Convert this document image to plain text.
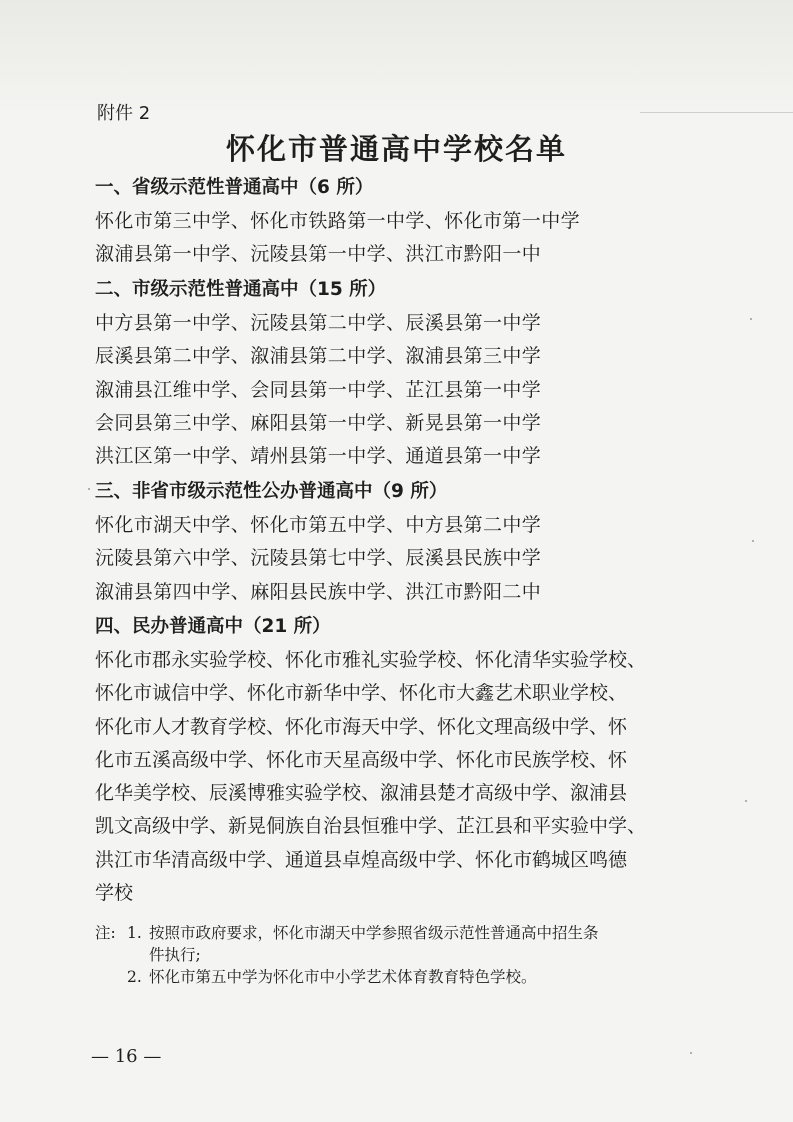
附件 2
怀化市普通高中学校名单
一、省级示范性普通高中（6 所）
怀化市第三中学、怀化市铁路第一中学、怀化市第一中学
溆浦县第一中学、沅陵县第一中学、洪江市黔阳一中
二、市级示范性普通高中（15 所）
中方县第一中学、沅陵县第二中学、辰溪县第一中学
辰溪县第二中学、溆浦县第二中学、溆浦县第三中学
溆浦县江维中学、会同县第一中学、芷江县第一中学
会同县第三中学、麻阳县第一中学、新晃县第一中学
洪江区第一中学、靖州县第一中学、通道县第一中学
三、非省市级示范性公办普通高中（9 所）
怀化市湖天中学、怀化市第五中学、中方县第二中学
沅陵县第六中学、沅陵县第七中学、辰溪县民族中学
溆浦县第四中学、麻阳县民族中学、洪江市黔阳二中
四、民办普通高中（21 所）
怀化市郡永实验学校、怀化市雅礼实验学校、怀化清华实验学校、
怀化市诚信中学、怀化市新华中学、怀化市大鑫艺术职业学校、
怀化市人才教育学校、怀化市海天中学、怀化文理高级中学、怀
化市五溪高级中学、怀化市天星高级中学、怀化市民族学校、怀
化华美学校、辰溪博雅实验学校、溆浦县楚才高级中学、溆浦县
凯文高级中学、新晃侗族自治县恒雅中学、芷江县和平实验中学、
洪江市华清高级中学、通道县卓煌高级中学、怀化市鹤城区鸣德
学校
注: 1. 按照市政府要求，怀化市湖天中学参照省级示范性普通高中招生条
件执行;
2. 怀化市第五中学为怀化市中小学艺术体育教育特色学校。
— 16 —
